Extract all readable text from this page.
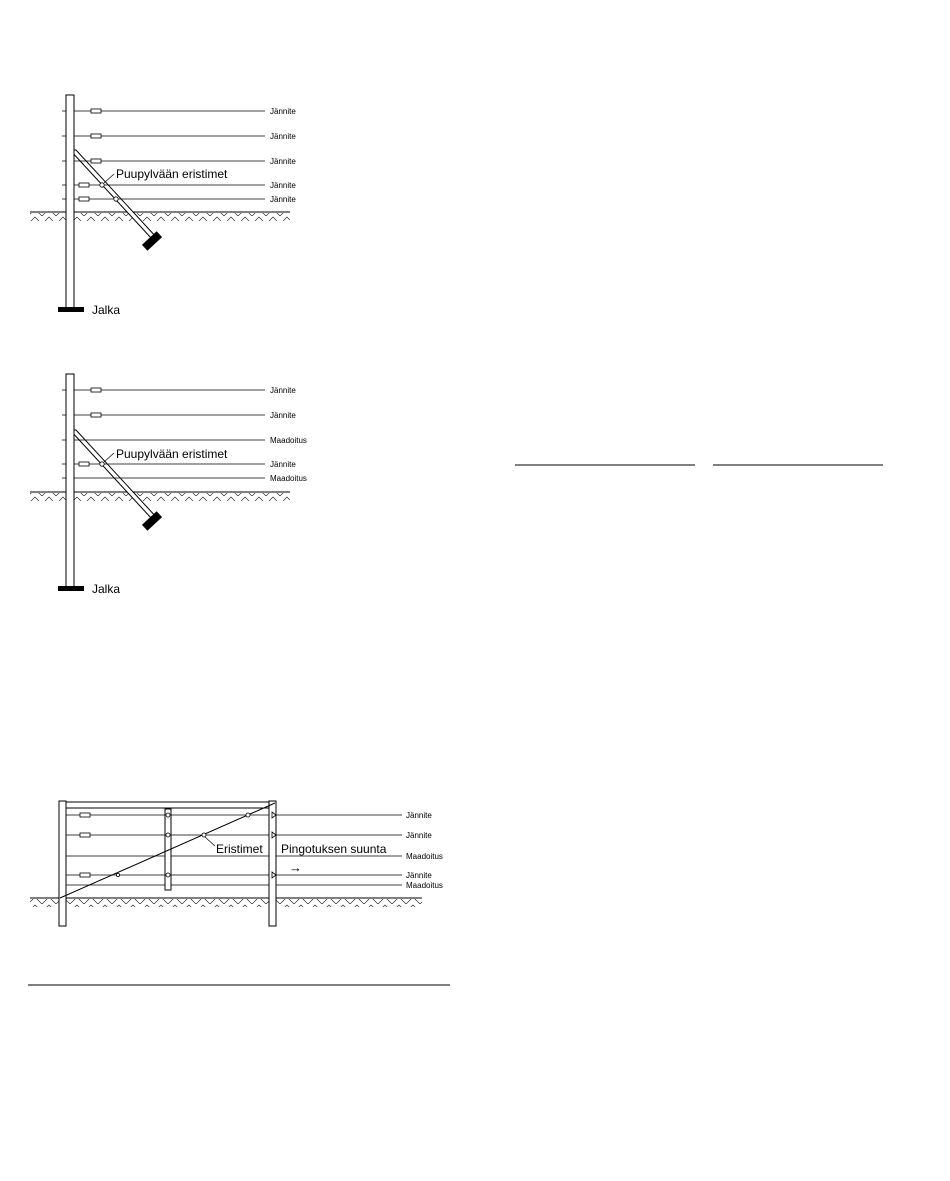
Jännite
Jännite
Jännite
Jännite
Jännite
Puupylvään eristimet
Jalka
Jännite
Jännite
Maadoitus
Jännite
Maadoitus
Puupylvään eristimet
Jalka
Jännite
Jännite
Maadoitus
Jännite
Maadoitus
Eristimet Pingotuksen suunta
→
